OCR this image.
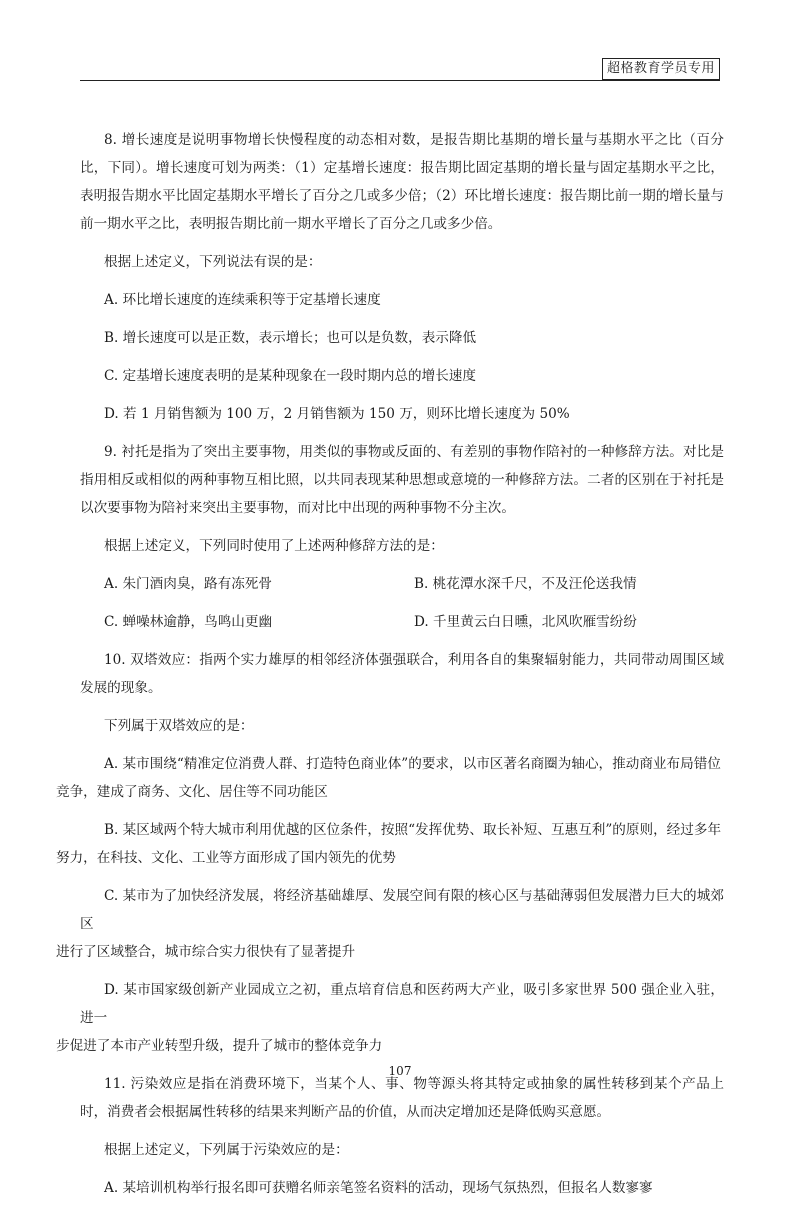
超格教育学员专用

8. 增长速度是说明事物增长快慢程度的动态相对数，是报告期比基期的增长量与基期水平之比（百分比，下同）。增长速度可划为两类：（1）定基增长速度：报告期比固定基期的增长量与固定基期水平之比，表明报告期水平比固定基期水平增长了百分之几或多少倍；（2）环比增长速度：报告期比前一期的增长量与前一期水平之比，表明报告期比前一期水平增长了百分之几或多少倍。

根据上述定义，下列说法有误的是：

A. 环比增长速度的连续乘积等于定基增长速度

B. 增长速度可以是正数，表示增长；也可以是负数，表示降低

C. 定基增长速度表明的是某种现象在一段时期内总的增长速度

D. 若 1 月销售额为 100 万，2 月销售额为 150 万，则环比增长速度为 50%

9. 衬托是指为了突出主要事物，用类似的事物或反面的、有差别的事物作陪衬的一种修辞方法。对比是指用相反或相似的两种事物互相比照，以共同表现某种思想或意境的一种修辞方法。二者的区别在于衬托是以次要事物为陪衬来突出主要事物，而对比中出现的两种事物不分主次。

根据上述定义，下列同时使用了上述两种修辞方法的是：

A. 朱门酒肉臭，路有冻死骨	B. 桃花潭水深千尺，不及汪伦送我情
C. 蝉噪林逾静，鸟鸣山更幽	D. 千里黄云白日曛，北风吹雁雪纷纷

10. 双塔效应：指两个实力雄厚的相邻经济体强强联合，利用各自的集聚辐射能力，共同带动周围区域发展的现象。

下列属于双塔效应的是：

A. 某市围绕“精准定位消费人群、打造特色商业体”的要求，以市区著名商圈为轴心，推动商业布局错位
竞争，建成了商务、文化、居住等不同功能区

B. 某区域两个特大城市利用优越的区位条件，按照“发挥优势、取长补短、互惠互利”的原则，经过多年
努力，在科技、文化、工业等方面形成了国内领先的优势

C. 某市为了加快经济发展，将经济基础雄厚、发展空间有限的核心区与基础薄弱但发展潜力巨大的城郊区
进行了区域整合，城市综合实力很快有了显著提升

D. 某市国家级创新产业园成立之初，重点培育信息和医药两大产业，吸引多家世界 500 强企业入驻，进一
步促进了本市产业转型升级，提升了城市的整体竞争力

11. 污染效应是指在消费环境下，当某个人、事、物等源头将其特定或抽象的属性转移到某个产品上时，消费者会根据属性转移的结果来判断产品的价值，从而决定增加还是降低购买意愿。

根据上述定义，下列属于污染效应的是：

A. 某培训机构举行报名即可获赠名师亲笔签名资料的活动，现场气氛热烈，但报名人数寥寥

107
